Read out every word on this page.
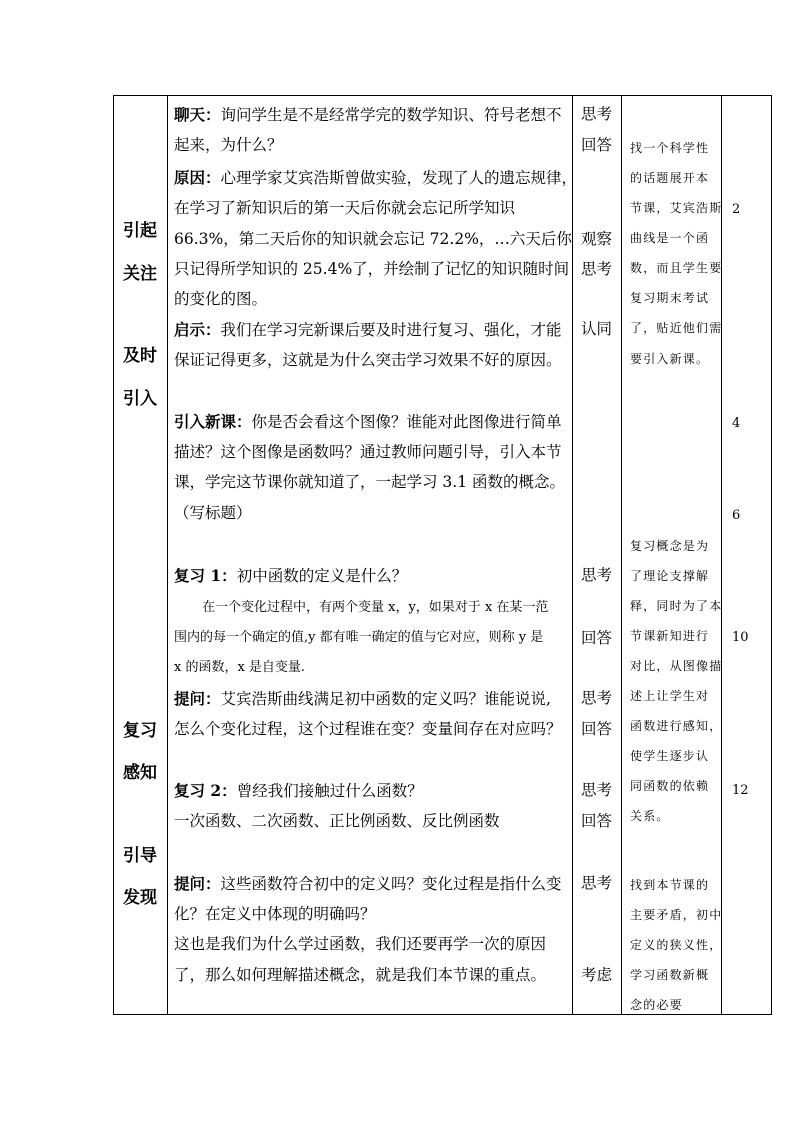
引起
关注
及时
引入
复习
感知
引导
发现
聊天：询问学生是不是经常学完的数学知识、符号老想不
起来，为什么？
原因：心理学家艾宾浩斯曾做实验，发现了人的遗忘规律，
在学习了新知识后的第一天后你就会忘记所学知识
66.3%，第二天后你的知识就会忘记 72.2%，…六天后你
只记得所学知识的 25.4%了，并绘制了记忆的知识随时间
的变化的图。
启示：我们在学习完新课后要及时进行复习、强化，才能
保证记得更多，这就是为什么突击学习效果不好的原因。
引入新课：你是否会看这个图像？谁能对此图像进行简单
描述？这个图像是函数吗？通过教师问题引导，引入本节
课，学完这节课你就知道了，一起学习 3.1 函数的概念。
（写标题）
复习 1：初中函数的定义是什么？
在一个变化过程中，有两个变量 x，y，如果对于 x 在某一范
围内的每一个确定的值,y 都有唯一确定的值与它对应，则称 y 是
x 的函数，x 是自变量.
提问：艾宾浩斯曲线满足初中函数的定义吗？谁能说说,
怎么个变化过程，这个过程谁在变？变量间存在对应吗？
复习 2：曾经我们接触过什么函数？
一次函数、二次函数、正比例函数、反比例函数
提问：这些函数符合初中的定义吗？变化过程是指什么变
化？在定义中体现的明确吗？
这也是我们为什么学过函数，我们还要再学一次的原因
了，那么如何理解描述概念，就是我们本节课的重点。
思考
回答
观察
思考
认同
思考
回答
思考
回答
思考
回答
思考
考虑
找一个科学性
的话题展开本
节课，艾宾浩斯
曲线是一个函
数，而且学生要
复习期末考试
了，贴近他们需
要引入新课。
复习概念是为
了理论支撑解
释，同时为了本
节课新知进行
对比，从图像描
述上让学生对
函数进行感知，
使学生逐步认
同函数的依赖
关系。
找到本节课的
主要矛盾，初中
定义的狭义性，
学习函数新概
念的必要
2
4
6
10
12
